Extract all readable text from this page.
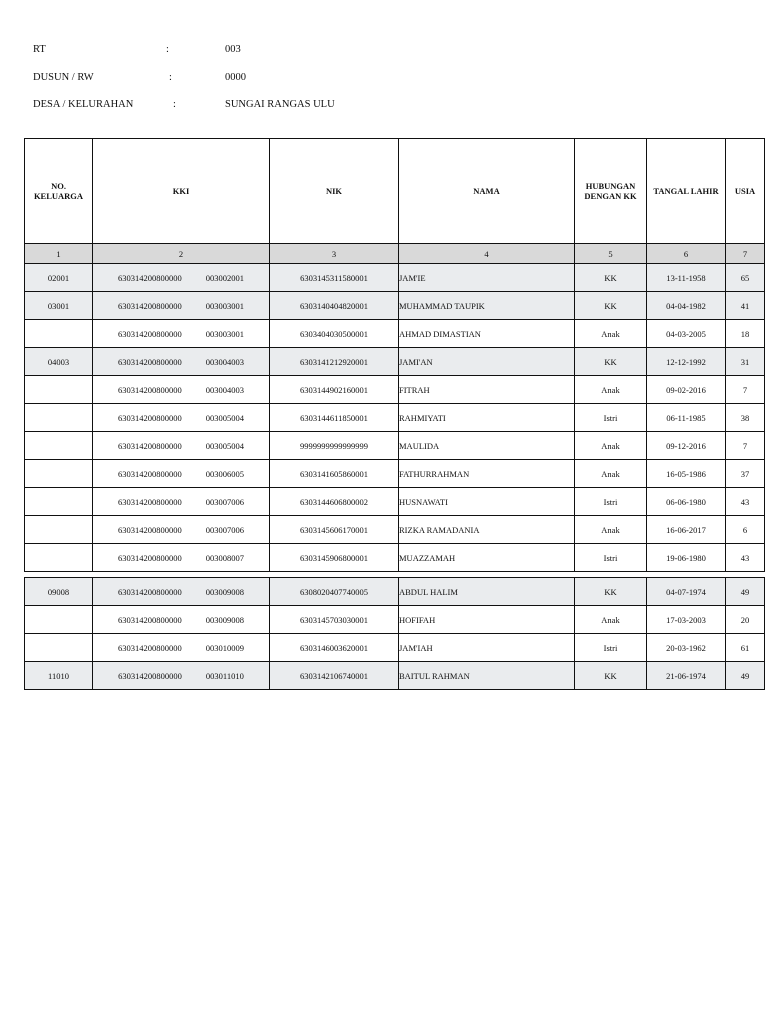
RT	:	003
DUSUN / RW	:	0000
DESA / KELURAHAN	:	SUNGAI RANGAS ULU
NO. KELUARGA	KKI	NIK	NAMA	HUBUNGAN DENGAN KK	TANGAL LAHIR	USIA
1	2	3	4	5	6	7
02001	630314200800000 003002001	6303145311580001	JAM'IE	KK	13-11-1958	65
03001	630314200800000 003003001	6303140404820001	MUHAMMAD TAUPIK	KK	04-04-1982	41
	630314200800000 003003001	6303404030500001	AHMAD DIMASTIAN	Anak	04-03-2005	18
04003	630314200800000 003004003	6303141212920001	JAMI'AN	KK	12-12-1992	31
	630314200800000 003004003	6303144902160001	FITRAH	Anak	09-02-2016	7
	630314200800000 003005004	6303144611850001	RAHMIYATI	Istri	06-11-1985	38
	630314200800000 003005004	9999999999999999	MAULIDA	Anak	09-12-2016	7
	630314200800000 003006005	6303141605860001	FATHURRAHMAN	Anak	16-05-1986	37
	630314200800000 003007006	6303144606800002	HUSNAWATI	Istri	06-06-1980	43
	630314200800000 003007006	6303145606170001	RIZKA RAMADANIA	Anak	16-06-2017	6
	630314200800000 003008007	6303145906800001	MUAZZAMAH	Istri	19-06-1980	43

09008	630314200800000 003009008	6308020407740005	ABDUL HALIM	KK	04-07-1974	49
	630314200800000 003009008	6303145703030001	HOFIFAH	Anak	17-03-2003	20
	630314200800000 003010009	6303146003620001	JAM'IAH	Istri	20-03-1962	61
11010	630314200800000 003011010	6303142106740001	BAITUL RAHMAN	KK	21-06-1974	49
